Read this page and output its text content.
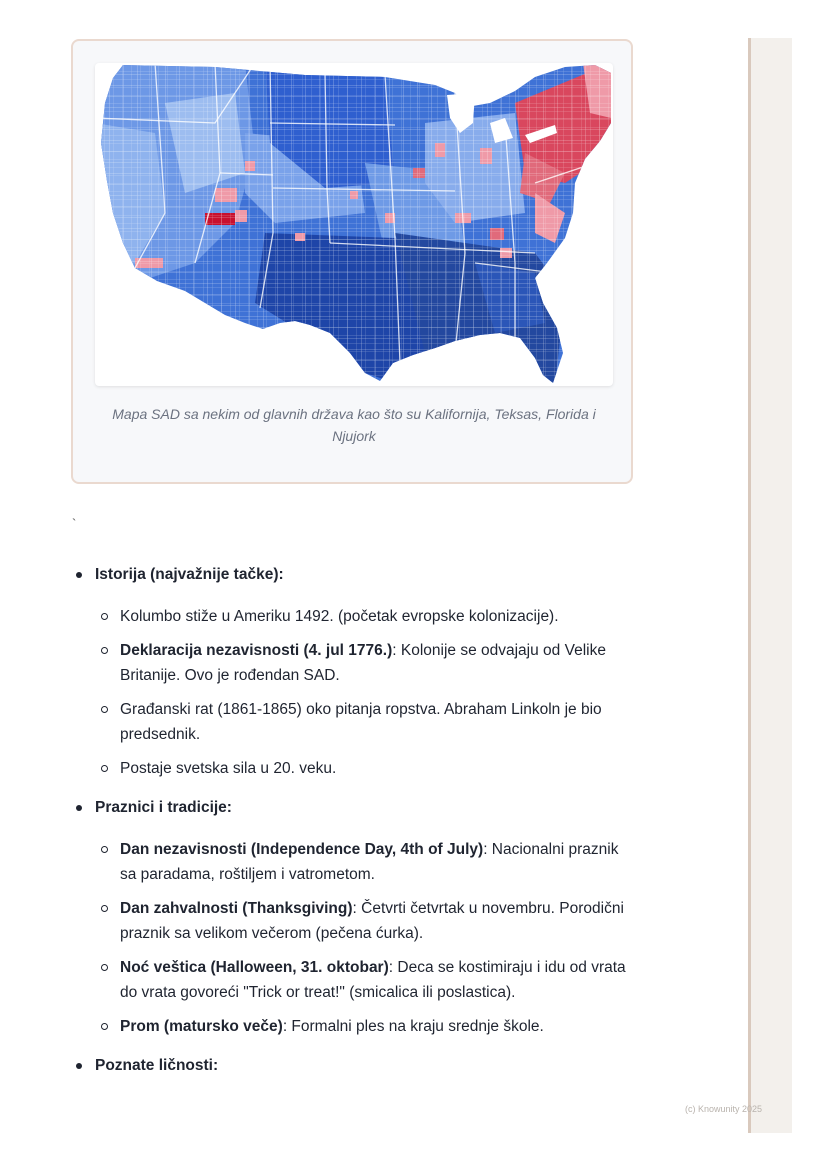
Mapa SAD sa nekim od glavnih država kao što su Kalifornija, Teksas, Florida i Njujork
`
Istorija (najvažnije tačke):
Kolumbo stiže u Ameriku 1492. (početak evropske kolonizacije).
Deklaracija nezavisnosti (4. jul 1776.): Kolonije se odvajaju od Velike Britanije. Ovo je rođendan SAD.
Građanski rat (1861-1865) oko pitanja ropstva. Abraham Linkoln je bio predsednik.
Postaje svetska sila u 20. veku.
Praznici i tradicije:
Dan nezavisnosti (Independence Day, 4th of July): Nacionalni praznik sa paradama, roštiljem i vatrometom.
Dan zahvalnosti (Thanksgiving): Četvrti četvrtak u novembru. Porodični praznik sa velikom večerom (pečena ćurka).
Noć veštica (Halloween, 31. oktobar): Deca se kostimiraju i idu od vrata do vrata govoreći "Trick or treat!" (smicalica ili poslastica).
Prom (matursko veče): Formalni ples na kraju srednje škole.
Poznate ličnosti:
(c) Knowunity 2025
